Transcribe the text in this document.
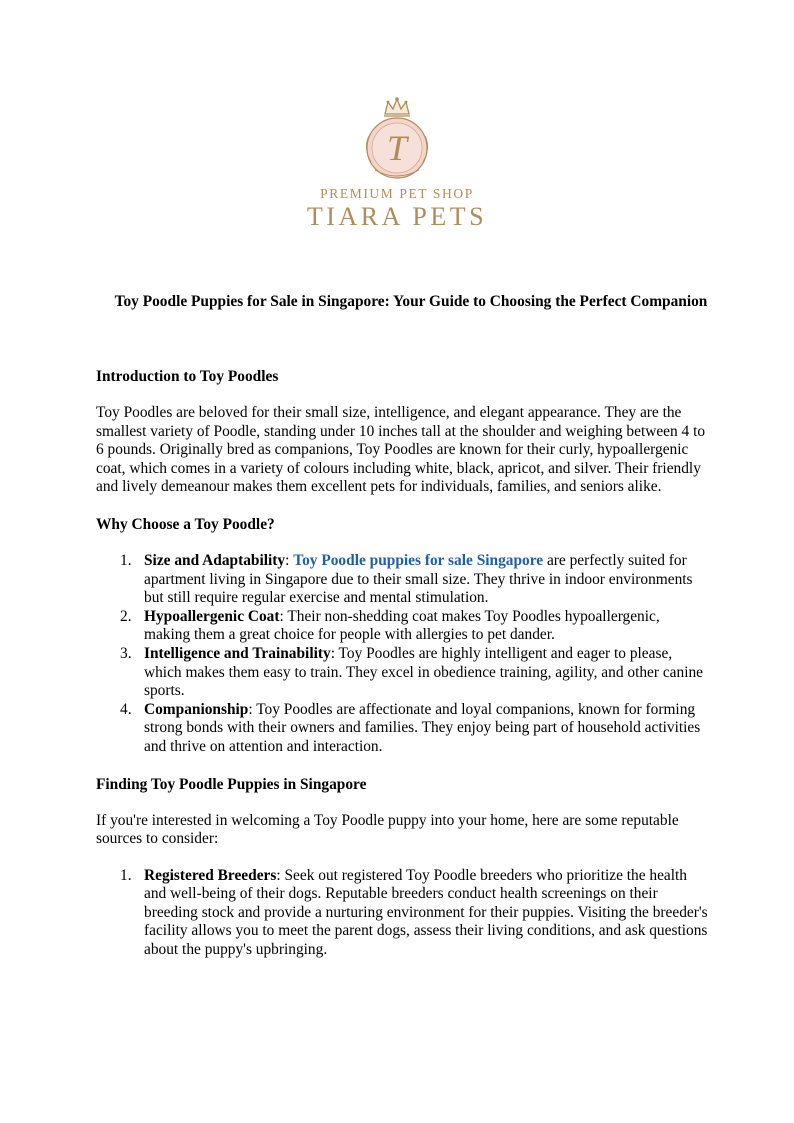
T
PREMIUM PET SHOP
TIARA PETS
Toy Poodle Puppies for Sale in Singapore: Your Guide to Choosing the Perfect Companion
Introduction to Toy Poodles

Toy Poodles are beloved for their small size, intelligence, and elegant appearance. They are the smallest variety of Poodle, standing under 10 inches tall at the shoulder and weighing between 4 to 6 pounds. Originally bred as companions, Toy Poodles are known for their curly, hypoallergenic coat, which comes in a variety of colours including white, black, apricot, and silver. Their friendly and lively demeanour makes them excellent pets for individuals, families, and seniors alike.

Why Choose a Toy Poodle?
1. Size and Adaptability: Toy Poodle puppies for sale Singapore are perfectly suited for apartment living in Singapore due to their small size. They thrive in indoor environments but still require regular exercise and mental stimulation.
2. Hypoallergenic Coat: Their non-shedding coat makes Toy Poodles hypoallergenic, making them a great choice for people with allergies to pet dander.
3. Intelligence and Trainability: Toy Poodles are highly intelligent and eager to please, which makes them easy to train. They excel in obedience training, agility, and other canine sports.
4. Companionship: Toy Poodles are affectionate and loyal companions, known for forming strong bonds with their owners and families. They enjoy being part of household activities and thrive on attention and interaction.
Finding Toy Poodle Puppies in Singapore

If you're interested in welcoming a Toy Poodle puppy into your home, here are some reputable sources to consider:

1. Registered Breeders: Seek out registered Toy Poodle breeders who prioritize the health and well-being of their dogs. Reputable breeders conduct health screenings on their breeding stock and provide a nurturing environment for their puppies. Visiting the breeder's facility allows you to meet the parent dogs, assess their living conditions, and ask questions about the puppy's upbringing.
